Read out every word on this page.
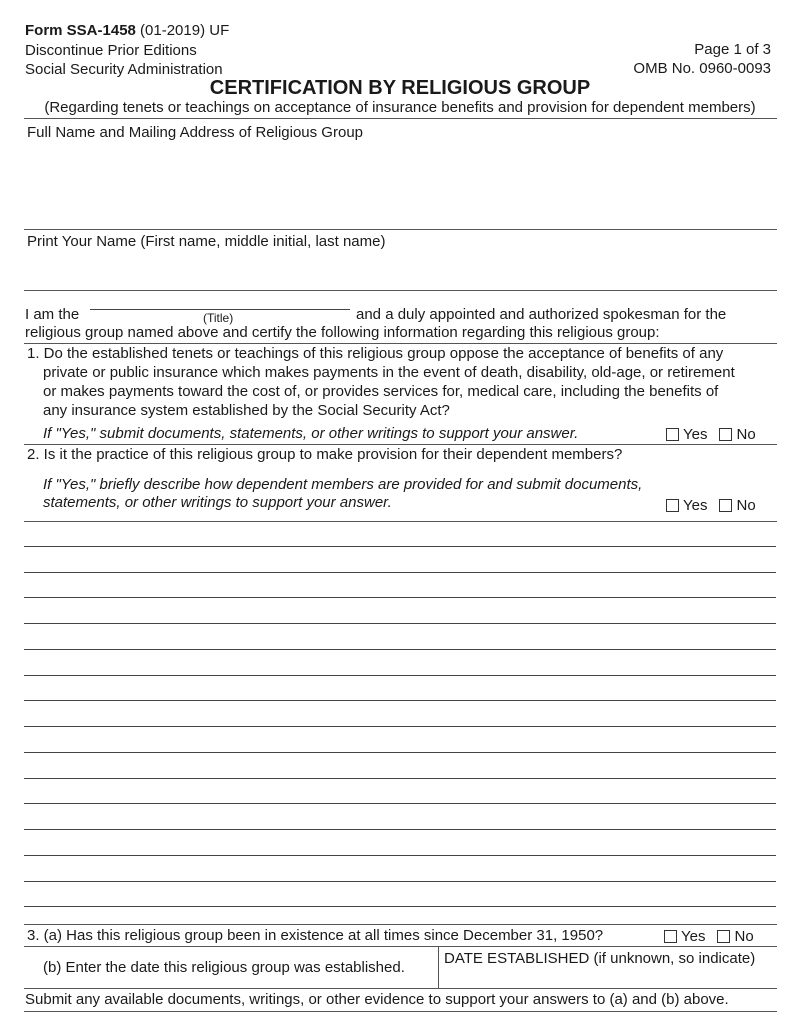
Form SSA-1458 (01-2019) UF
Discontinue Prior Editions
Social Security Administration
Page 1 of 3
OMB No. 0960-0093
CERTIFICATION BY RELIGIOUS GROUP
(Regarding tenets or teachings on acceptance of insurance benefits and provision for dependent members)
Full Name and Mailing Address of Religious Group
Print Your Name (First name, middle initial, last name)
I am the	(Title)	and a duly appointed and authorized spokesman for the
religious group named above and certify the following information regarding this religious group:
1. Do the established tenets or teachings of this religious group oppose the acceptance of benefits of any
private or public insurance which makes payments in the event of death, disability, old-age, or retirement
or makes payments toward the cost of, or provides services for, medical care, including the benefits of
any insurance system established by the Social Security Act?
If "Yes," submit documents, statements, or other writings to support your answer.	Yes No
2. Is it the practice of this religious group to make provision for their dependent members?
If "Yes," briefly describe how dependent members are provided for and submit documents,
statements, or other writings to support your answer.	Yes No
3. (a) Has this religious group been in existence at all times since December 31, 1950?	Yes No
(b) Enter the date this religious group was established.
DATE ESTABLISHED (if unknown, so indicate)
Submit any available documents, writings, or other evidence to support your answers to (a) and (b) above.
